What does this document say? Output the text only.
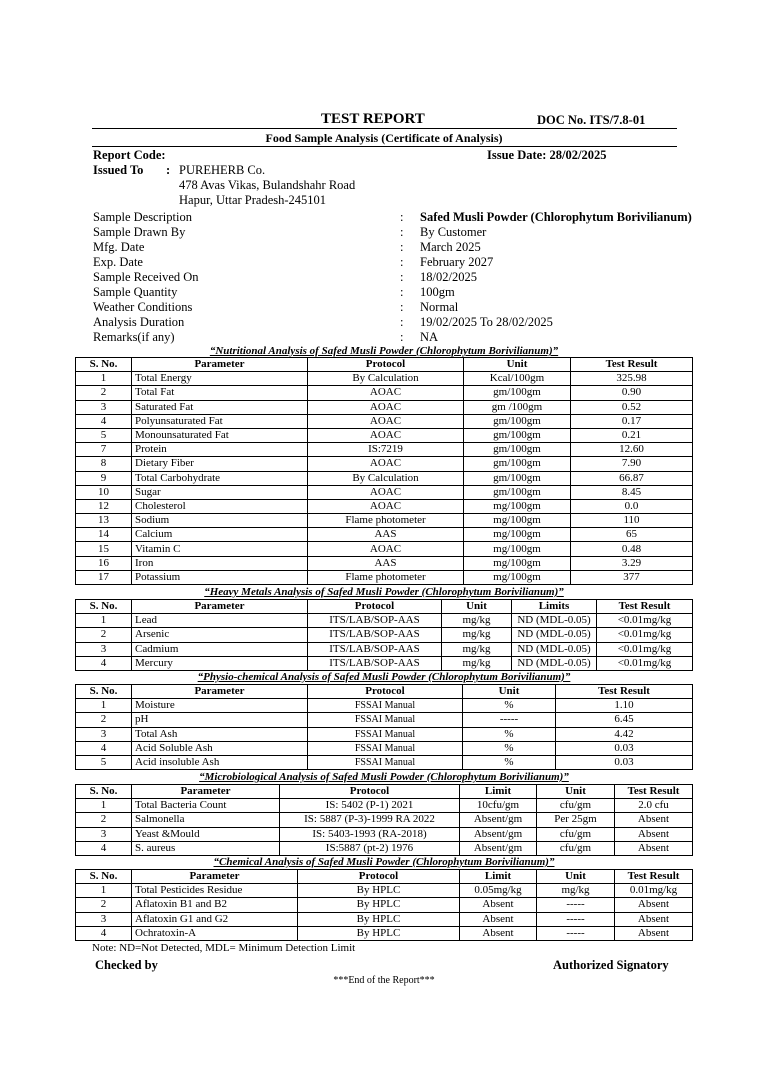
TEST REPORT	DOC No. ITS/7.8-01
Food Sample Analysis (Certificate of Analysis)
Report Code:	Issue Date: 28/02/2025
Issued To : PUREHERB Co.
478 Avas Vikas, Bulandshahr Road
Hapur, Uttar Pradesh-245101
Sample Description	: Safed Musli Powder (Chlorophytum Borivilianum)
Sample Drawn By	: By Customer
Mfg. Date	: March 2025
Exp. Date	: February 2027
Sample Received On	: 18/02/2025
Sample Quantity	: 100gm
Weather Conditions	: Normal
Analysis Duration	: 19/02/2025 To 28/02/2025
Remarks(if any)	: NA
“Nutritional Analysis of Safed Musli Powder (Chlorophytum Borivilianum)”
S. No.	Parameter	Protocol	Unit	Test Result
1	Total Energy	By Calculation	Kcal/100gm	325.98
2	Total Fat	AOAC	gm/100gm	0.90
3	Saturated Fat	AOAC	gm /100gm	0.52
4	Polyunsaturated Fat	AOAC	gm/100gm	0.17
5	Monounsaturated Fat	AOAC	gm/100gm	0.21
7	Protein	IS:7219	gm/100gm	12.60
8	Dietary Fiber	AOAC	gm/100gm	7.90
9	Total Carbohydrate	By Calculation	gm/100gm	66.87
10	Sugar	AOAC	gm/100gm	8.45
12	Cholesterol	AOAC	mg/100gm	0.0
13	Sodium	Flame photometer	mg/100gm	110
14	Calcium	AAS	mg/100gm	65
15	Vitamin C	AOAC	mg/100gm	0.48
16	Iron	AAS	mg/100gm	3.29
17	Potassium	Flame photometer	mg/100gm	377
“Heavy Metals Analysis of Safed Musli Powder (Chlorophytum Borivilianum)”
S. No.	Parameter	Protocol	Unit	Limits	Test Result
1	Lead	ITS/LAB/SOP-AAS	mg/kg	ND (MDL-0.05)	<0.01mg/kg
2	Arsenic	ITS/LAB/SOP-AAS	mg/kg	ND (MDL-0.05)	<0.01mg/kg
3	Cadmium	ITS/LAB/SOP-AAS	mg/kg	ND (MDL-0.05)	<0.01mg/kg
4	Mercury	ITS/LAB/SOP-AAS	mg/kg	ND (MDL-0.05)	<0.01mg/kg
“Physio-chemical Analysis of Safed Musli Powder (Chlorophytum Borivilianum)”
S. No.	Parameter	Protocol	Unit	Test Result
1	Moisture	FSSAI Manual	%	1.10
2	pH	FSSAI Manual	-----	6.45
3	Total Ash	FSSAI Manual	%	4.42
4	Acid Soluble Ash	FSSAI Manual	%	0.03
5	Acid insoluble Ash	FSSAI Manual	%	0.03
“Microbiological Analysis of Safed Musli Powder (Chlorophytum Borivilianum)”
S. No.	Parameter	Protocol	Limit	Unit	Test Result
1	Total Bacteria Count	IS: 5402 (P-1) 2021	10cfu/gm	cfu/gm	2.0 cfu
2	Salmonella	IS: 5887 (P-3)-1999 RA 2022	Absent/gm	Per 25gm	Absent
3	Yeast &Mould	IS: 5403-1993 (RA-2018)	Absent/gm	cfu/gm	Absent
4	S. aureus	IS:5887 (pt-2) 1976	Absent/gm	cfu/gm	Absent
“Chemical Analysis of Safed Musli Powder (Chlorophytum Borivilianum)”
S. No.	Parameter	Protocol	Limit	Unit	Test Result
1	Total Pesticides Residue	By HPLC	0.05mg/kg	mg/kg	0.01mg/kg
2	Aflatoxin B1 and B2	By HPLC	Absent	-----	Absent
3	Aflatoxin G1 and G2	By HPLC	Absent	-----	Absent
4	Ochratoxin-A	By HPLC	Absent	-----	Absent
Note: ND=Not Detected, MDL= Minimum Detection Limit
Checked by	Authorized Signatory
***End of the Report***
